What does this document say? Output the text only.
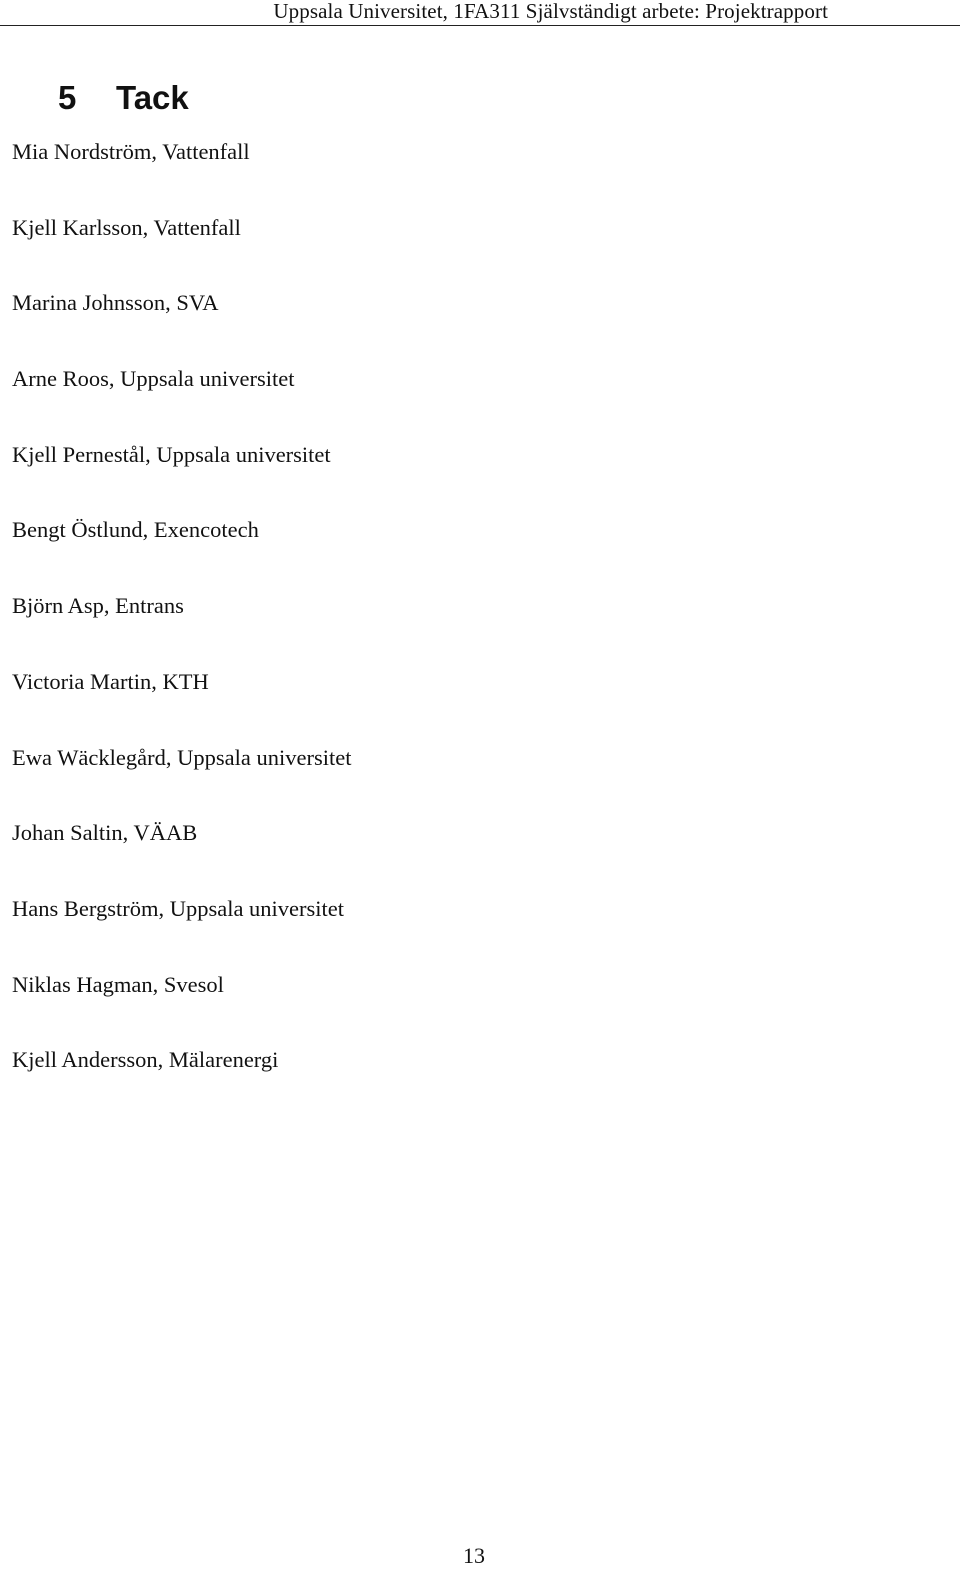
Uppsala Universitet, 1FA311 Självständigt arbete: Projektrapport
5 Tack
Mia Nordström, Vattenfall
Kjell Karlsson, Vattenfall
Marina Johnsson, SVA
Arne Roos, Uppsala universitet
Kjell Pernestål, Uppsala universitet
Bengt Östlund, Exencotech
Björn Asp, Entrans
Victoria Martin, KTH
Ewa Wäcklegård, Uppsala universitet
Johan Saltin, VÄAB
Hans Bergström, Uppsala universitet
Niklas Hagman, Svesol
Kjell Andersson, Mälarenergi
13
